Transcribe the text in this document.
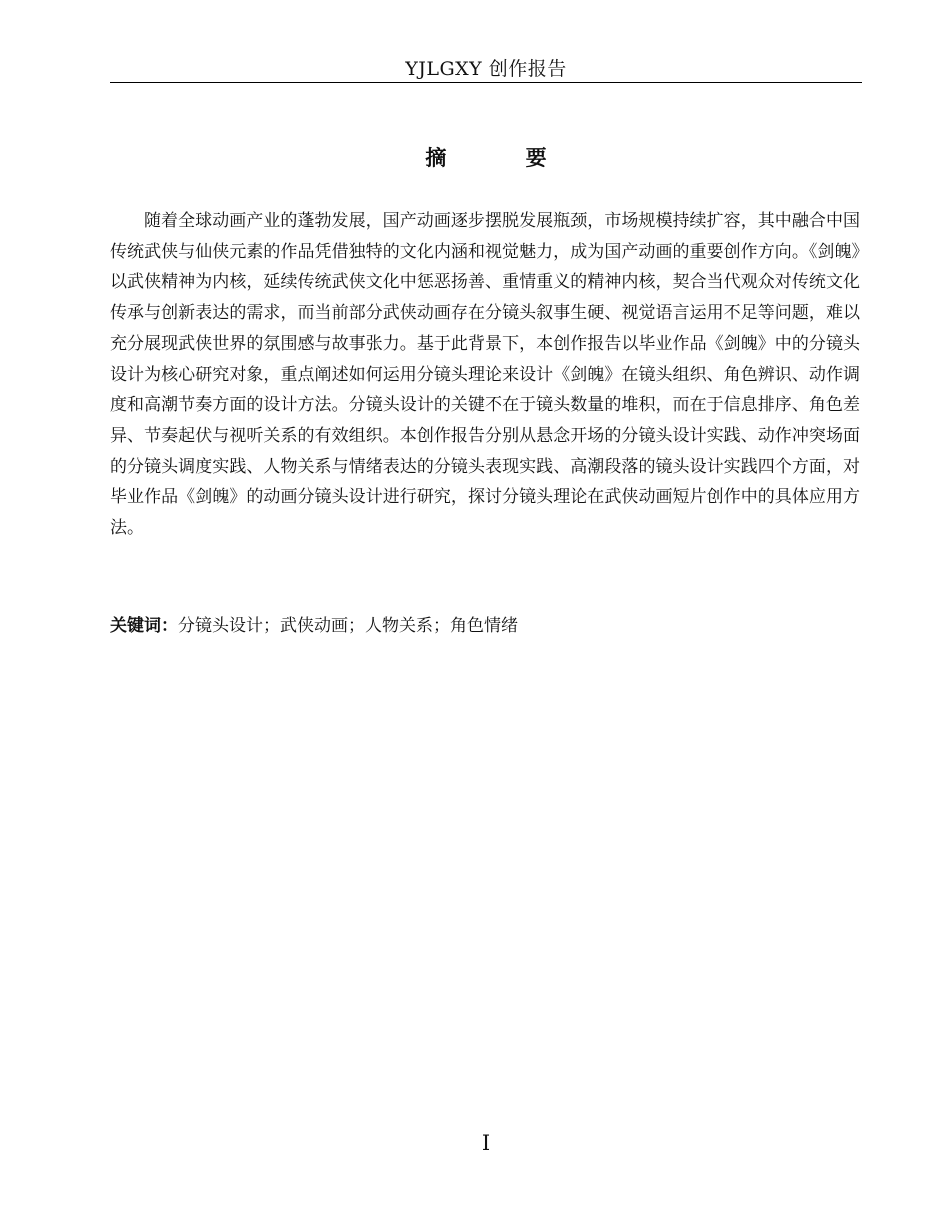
YJLGXY 创作报告
摘 要

随着全球动画产业的蓬勃发展，国产动画逐步摆脱发展瓶颈，市场规模持续扩容，其中融合中国传统武侠与仙侠元素的作品凭借独特的文化内涵和视觉魅力，成为国产动画的重要创作方向。《剑魄》以武侠精神为内核，延续传统武侠文化中惩恶扬善、重情重义的精神内核，契合当代观众对传统文化传承与创新表达的需求，而当前部分武侠动画存在分镜头叙事生硬、视觉语言运用不足等问题，难以充分展现武侠世界的氛围感与故事张力。基于此背景下，本创作报告以毕业作品《剑魄》中的分镜头设计为核心研究对象，重点阐述如何运用分镜头理论来设计《剑魄》在镜头组织、角色辨识、动作调度和高潮节奏方面的设计方法。分镜头设计的关键不在于镜头数量的堆积，而在于信息排序、角色差异、节奏起伏与视听关系的有效组织。本创作报告分别从悬念开场的分镜头设计实践、动作冲突场面的分镜头调度实践、人物关系与情绪表达的分镜头表现实践、高潮段落的镜头设计实践四个方面，对毕业作品《剑魄》的动画分镜头设计进行研究，探讨分镜头理论在武侠动画短片创作中的具体应用方法。

关键词：分镜头设计；武侠动画；人物关系；角色情绪
I
